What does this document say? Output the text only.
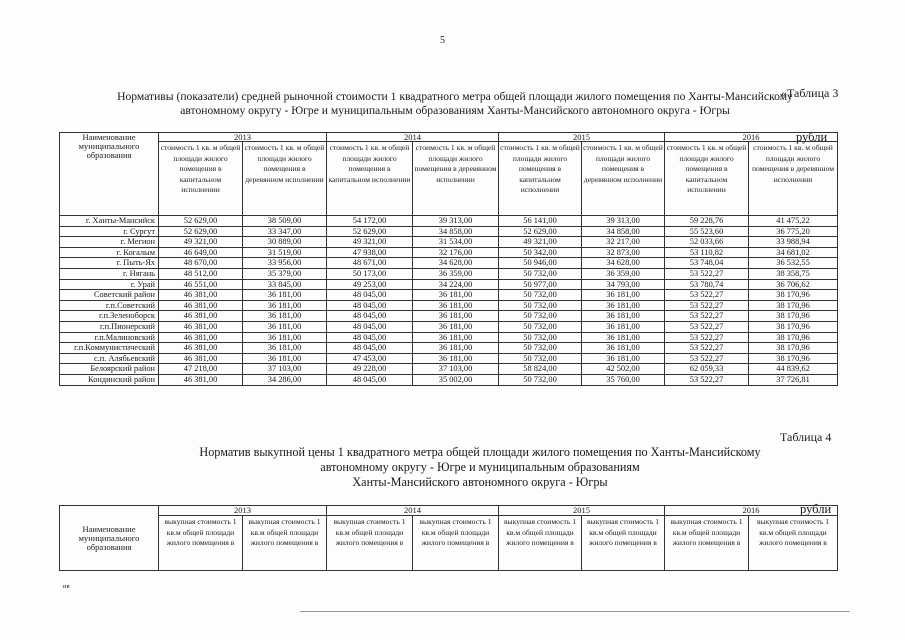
5
«Таблица 3
Нормативы (показатели) средней рыночной стоимости 1 квадратного метра общей площади жилого помещения по Ханты-Мансийскому
автономному округу - Югре и муниципальным образованиям Ханты-Мансийского автономного округа - Югры
рубли
Наименование муниципального образования	2013		2014		2015		2016	
	стоимость 1 кв. м общей площади жилого помещения в капитальном исполнении	стоимость 1 кв. м общей площади жилого помещения в деревянном исполнении	стоимость 1 кв. м общей площади жилого помещения в капитальном исполнении	стоимость 1 кв. м общей площади жилого помещения в деревянном исполнении	стоимость 1 кв. м общей площади жилого помещения в капитальном исполнении	стоимость 1 кв. м общей площади жилого помещения в деревянном исполнении	стоимость 1 кв. м общей площади жилого помещения в капитальном исполнении	стоимость 1 кв. м общей площади жилого помещения в деревянном исполнении
г. Ханты-Мансийск	52 629,00	38 509,00	54 172,00	39 313,00	56 141,00	39 313,00	59 228,76	41 475,22
г. Сургут	52 629,00	33 347,00	52 629,00	34 858,00	52 629,00	34 858,00	55 523,60	36 775,20
г. Мегион	49 321,00	30 889,00	49 321,00	31 534,00	49 321,00	32 217,00	52 033,66	33 988,94
г. Когалым	46 649,00	31 519,00	47 938,00	32 176,00	50 342,00	32 873,00	53 110,82	34 681,02
г. Пыть-Ях	48 670,00	33 956,00	48 671,00	34 628,00	50 946,00	34 628,00	53 748,04	36 532,55
г. Нягань	48 512,00	35 379,00	50 173,00	36 359,00	50 732,00	36 359,00	53 522,27	38 358,75
г. Урай	46 551,00	33 845,00	49 253,00	34 224,00	50 977,00	34 793,00	53 780,74	36 706,62
Советский район	46 381,00	36 181,00	48 045,00	36 181,00	50 732,00	36 181,00	53 522,27	38 170,96
г.п.Советский	46 381,00	36 181,00	48 045,00	36 181,00	50 732,00	36 181,00	53 522,27	38 170,96
г.п.Зеленоборск	46 381,00	36 181,00	48 045,00	36 181,00	50 732,00	36 181,00	53 522,27	38 170,96
г.п.Пионерский	46 381,00	36 181,00	48 045,00	36 181,00	50 732,00	36 181,00	53 522,27	38 170,96
г.п.Малиновский	46 381,00	36 181,00	48 045,00	36 181,00	50 732,00	36 181,00	53 522,27	38 170,96
г.п.Коммунистический	46 381,00	36 181,00	48 045,00	36 181,00	50 732,00	36 181,00	53 522,27	38 170,96
с.п. Алябьевский	46 381,00	36 181,00	47 453,00	36 181,00	50 732,00	36 181,00	53 522,27	38 170,96
Белоярский район	47 218,00	37 103,00	49 228,00	37 103,00	58 824,00	42 502,00	62 059,33	44 839,62
Кондинский район	46 381,00	34 286,00	48 045,00	35 002,00	50 732,00	35 760,00	53 522,27	37 726,81
Таблица 4
Норматив выкупной цены 1 квадратного метра общей площади жилого помещения по Ханты-Мансийскому
автономному округу - Югре и муниципальным образованиям
Ханты-Мансийского автономного округа - Югры
рубли
Наименование муниципального образования	2013		2014		2015		2016	
	выкупная стоимость 1 кв.м общей площади жилого помещения в	выкупная стоимость 1 кв.м общей площади жилого помещения в	выкупная стоимость 1 кв.м общей площади жилого помещения в	выкупная стоимость 1 кв.м общей площади жилого помещения в	выкупная стоимость 1 кв.м общей площади жилого помещения в	выкупная стоимость 1 кв.м общей площади жилого помещения в	выкупная стоимость 1 кв.м общей площади жилого помещения в	выкупная стоимость 1 кв.м общей площади жилого помещения в
нв
